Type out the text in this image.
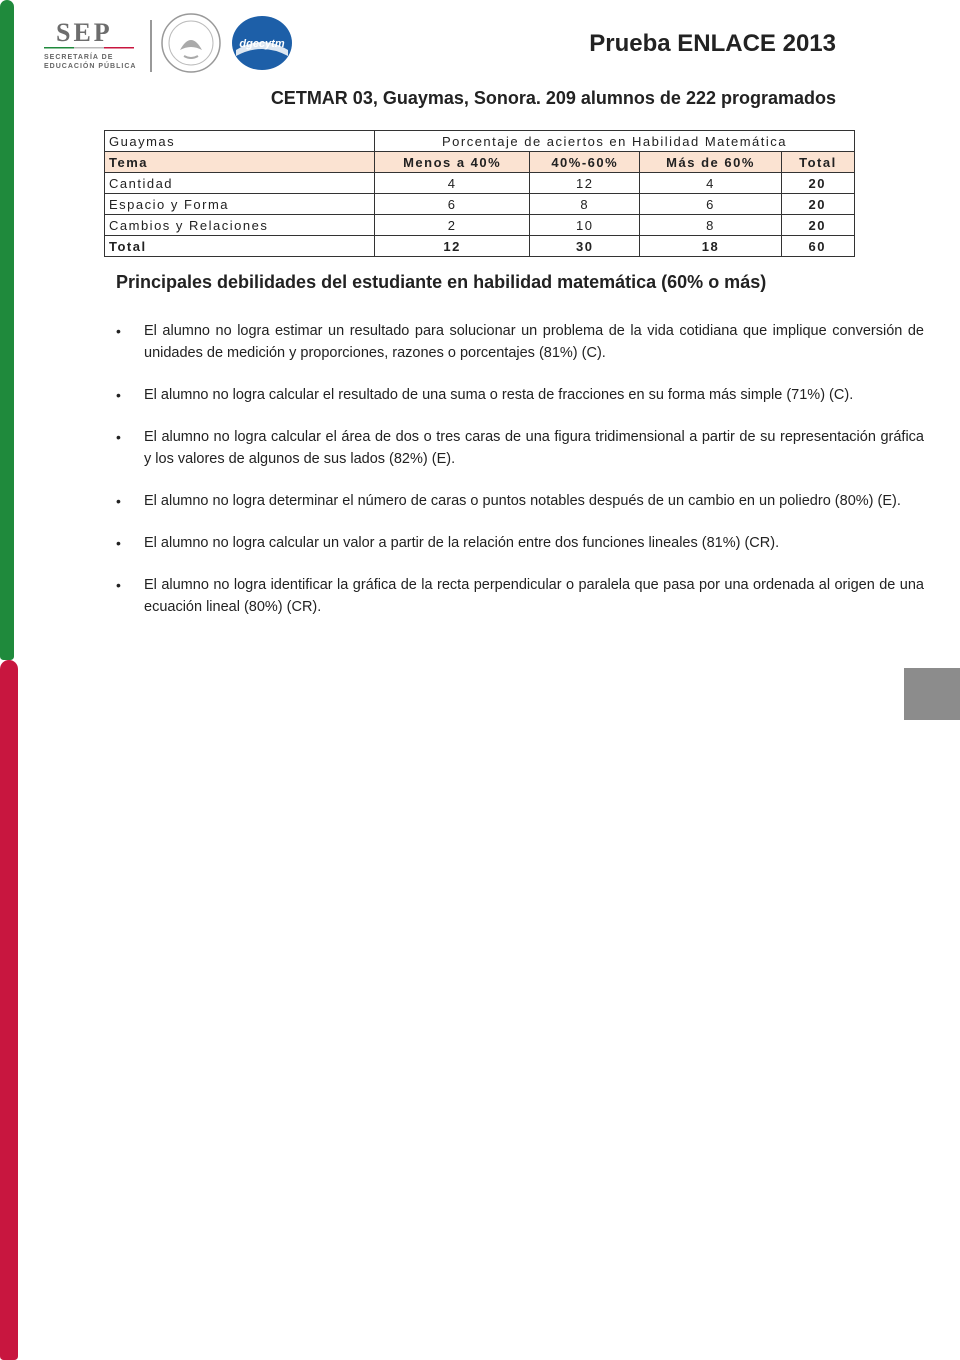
SEP
SECRETARÍA DE
EDUCACIÓN PÚBLICA
dgecytm	Prueba ENLACE 2013
CETMAR 03, Guaymas, Sonora. 209 alumnos de 222 programados
Guaymas	Porcentaje de aciertos en Habilidad Matemática			
Tema	Menos a 40%	40%-60%	Más de 60%	Total
Cantidad	4	12	4	20
Espacio y Forma	6	8	6	20
Cambios y Relaciones	2	10	8	20
Total	12	30	18	60
Principales debilidades del estudiante en habilidad matemática (60% o más)
• El alumno no logra estimar un resultado para solucionar un problema de la vida cotidiana que implique conversión de unidades de medición y proporciones, razones o porcentajes (81%) (C).
• El alumno no logra calcular el resultado de una suma o resta de fracciones en su forma más simple (71%) (C).
• El alumno no logra calcular el área de dos o tres caras de una figura tridimensional a partir de su representación gráfica y los valores de algunos de sus lados (82%) (E).
• El alumno no logra determinar el número de caras o puntos notables después de un cambio en un poliedro (80%) (E).
• El alumno no logra calcular un valor a partir de la relación entre dos funciones lineales (81%) (CR).
• El alumno no logra identificar la gráfica de la recta perpendicular o paralela que pasa por una ordenada al origen de una ecuación lineal (80%) (CR).
